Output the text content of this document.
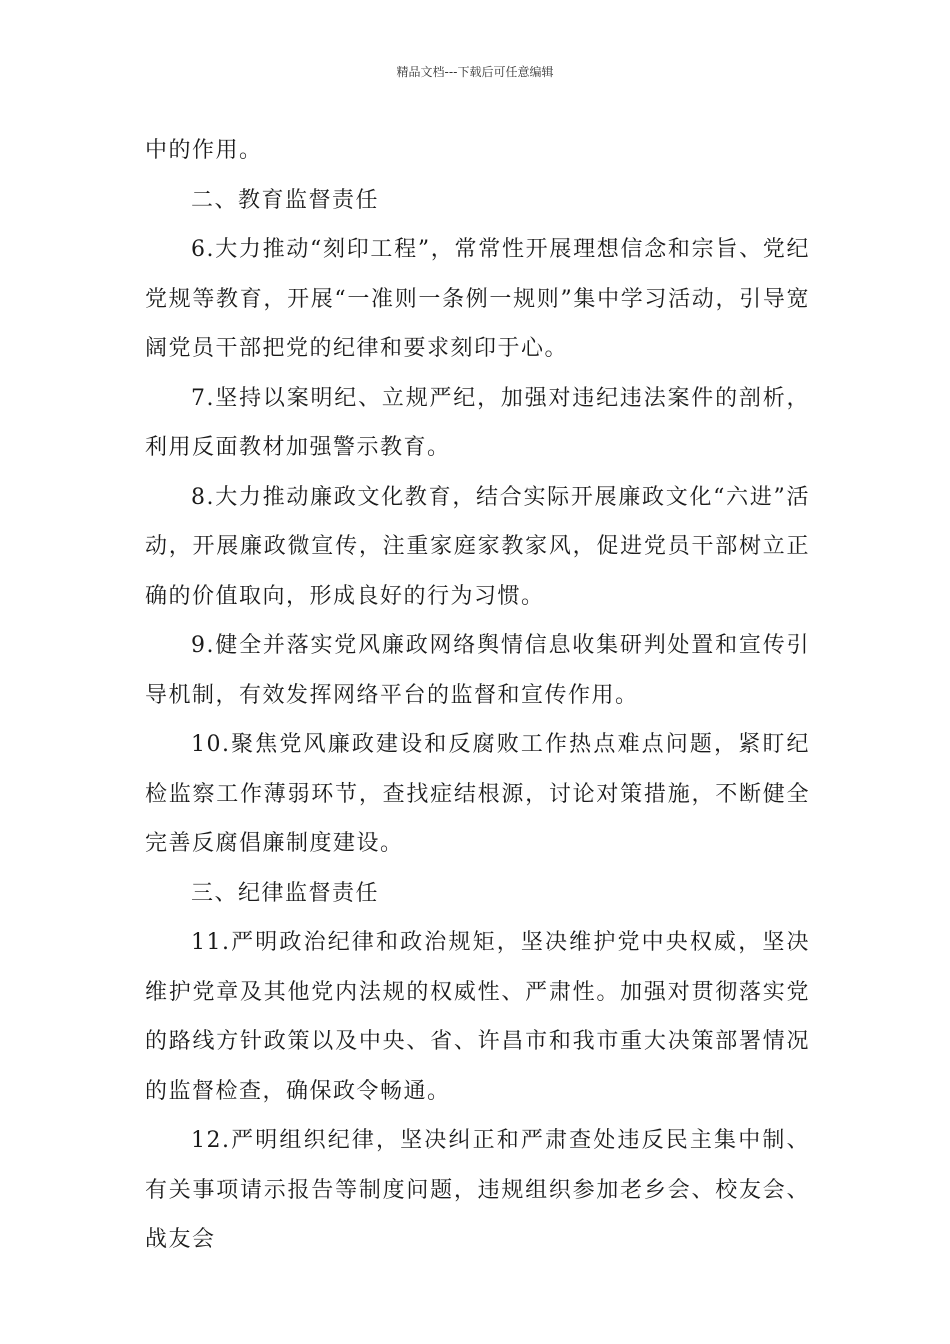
精品文档---下载后可任意编辑

中的作用。

二、教育监督责任

6.大力推动“刻印工程”，常常性开展理想信念和宗旨、党纪党规等教育，开展“一准则一条例一规则”集中学习活动，引导宽阔党员干部把党的纪律和要求刻印于心。

7.坚持以案明纪、立规严纪，加强对违纪违法案件的剖析，利用反面教材加强警示教育。

8.大力推动廉政文化教育，结合实际开展廉政文化“六进”活动，开展廉政微宣传，注重家庭家教家风，促进党员干部树立正确的价值取向，形成良好的行为习惯。

9.健全并落实党风廉政网络舆情信息收集研判处置和宣传引导机制，有效发挥网络平台的监督和宣传作用。

10.聚焦党风廉政建设和反腐败工作热点难点问题，紧盯纪检监察工作薄弱环节，查找症结根源，讨论对策措施，不断健全完善反腐倡廉制度建设。

三、纪律监督责任

11.严明政治纪律和政治规矩，坚决维护党中央权威，坚决维护党章及其他党内法规的权威性、严肃性。加强对贯彻落实党的路线方针政策以及中央、省、许昌市和我市重大决策部署情况的监督检查，确保政令畅通。

12.严明组织纪律，坚决纠正和严肃查处违反民主集中制、有关事项请示报告等制度问题，违规组织参加老乡会、校友会、战友会
